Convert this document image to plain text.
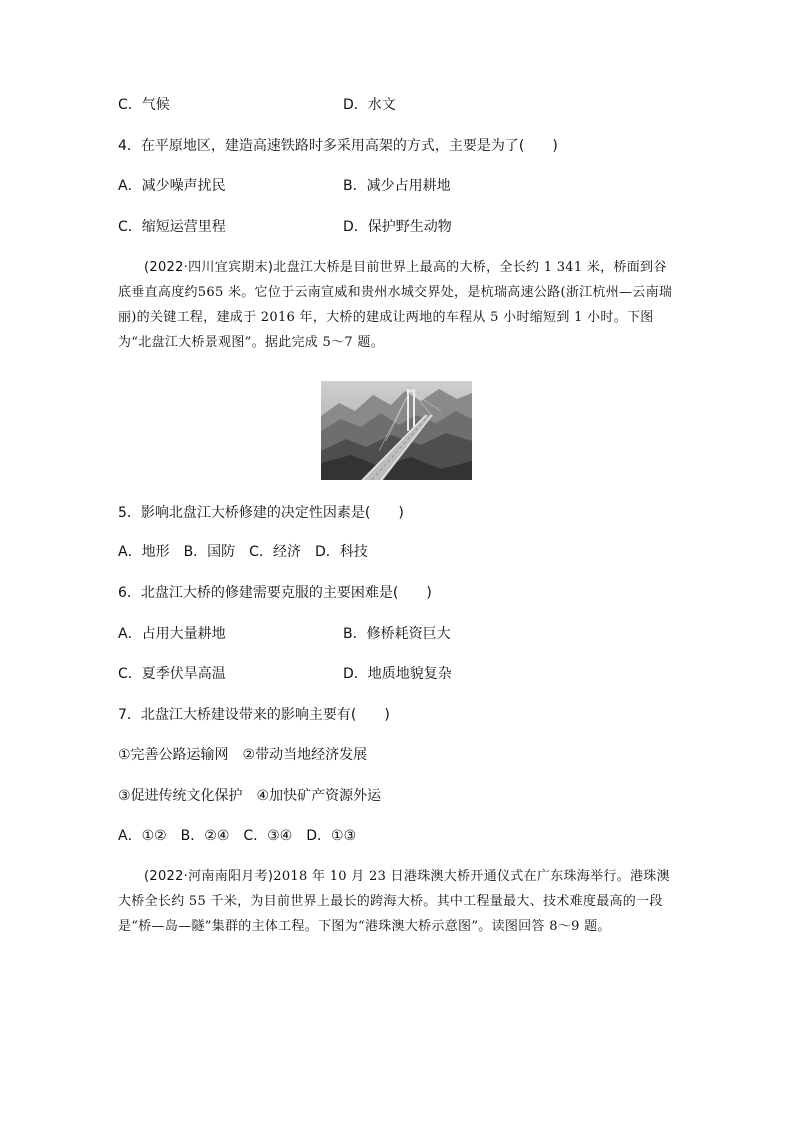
C．气候	D．水文
4．在平原地区，建造高速铁路时多采用高架的方式，主要是为了(　　)
A．减少噪声扰民	B．减少占用耕地
C．缩短运营里程	D．保护野生动物
(2022·四川宜宾期末)北盘江大桥是目前世界上最高的大桥，全长约 1 341 米，桥面到谷底垂直高度约565 米。它位于云南宣威和贵州水城交界处，是杭瑞高速公路(浙江杭州—云南瑞丽)的关键工程，建成于 2016 年，大桥的建成让两地的车程从 5 小时缩短到 1 小时。下图为“北盘江大桥景观图”。据此完成 5～7 题。
5．影响北盘江大桥修建的决定性因素是(　　)
A．地形　B．国防　C．经济　D．科技
6．北盘江大桥的修建需要克服的主要困难是(　　)
A．占用大量耕地	B．修桥耗资巨大
C．夏季伏旱高温	D．地质地貌复杂
7．北盘江大桥建设带来的影响主要有(　　)
①完善公路运输网　②带动当地经济发展
③促进传统文化保护　④加快矿产资源外运
A．①②　B．②④　C．③④　D．①③
(2022·河南南阳月考)2018 年 10 月 23 日港珠澳大桥开通仪式在广东珠海举行。港珠澳大桥全长约 55 千米，为目前世界上最长的跨海大桥。其中工程量最大、技术难度最高的一段是“桥—岛—隧”集群的主体工程。下图为“港珠澳大桥示意图”。读图回答 8～9 题。
